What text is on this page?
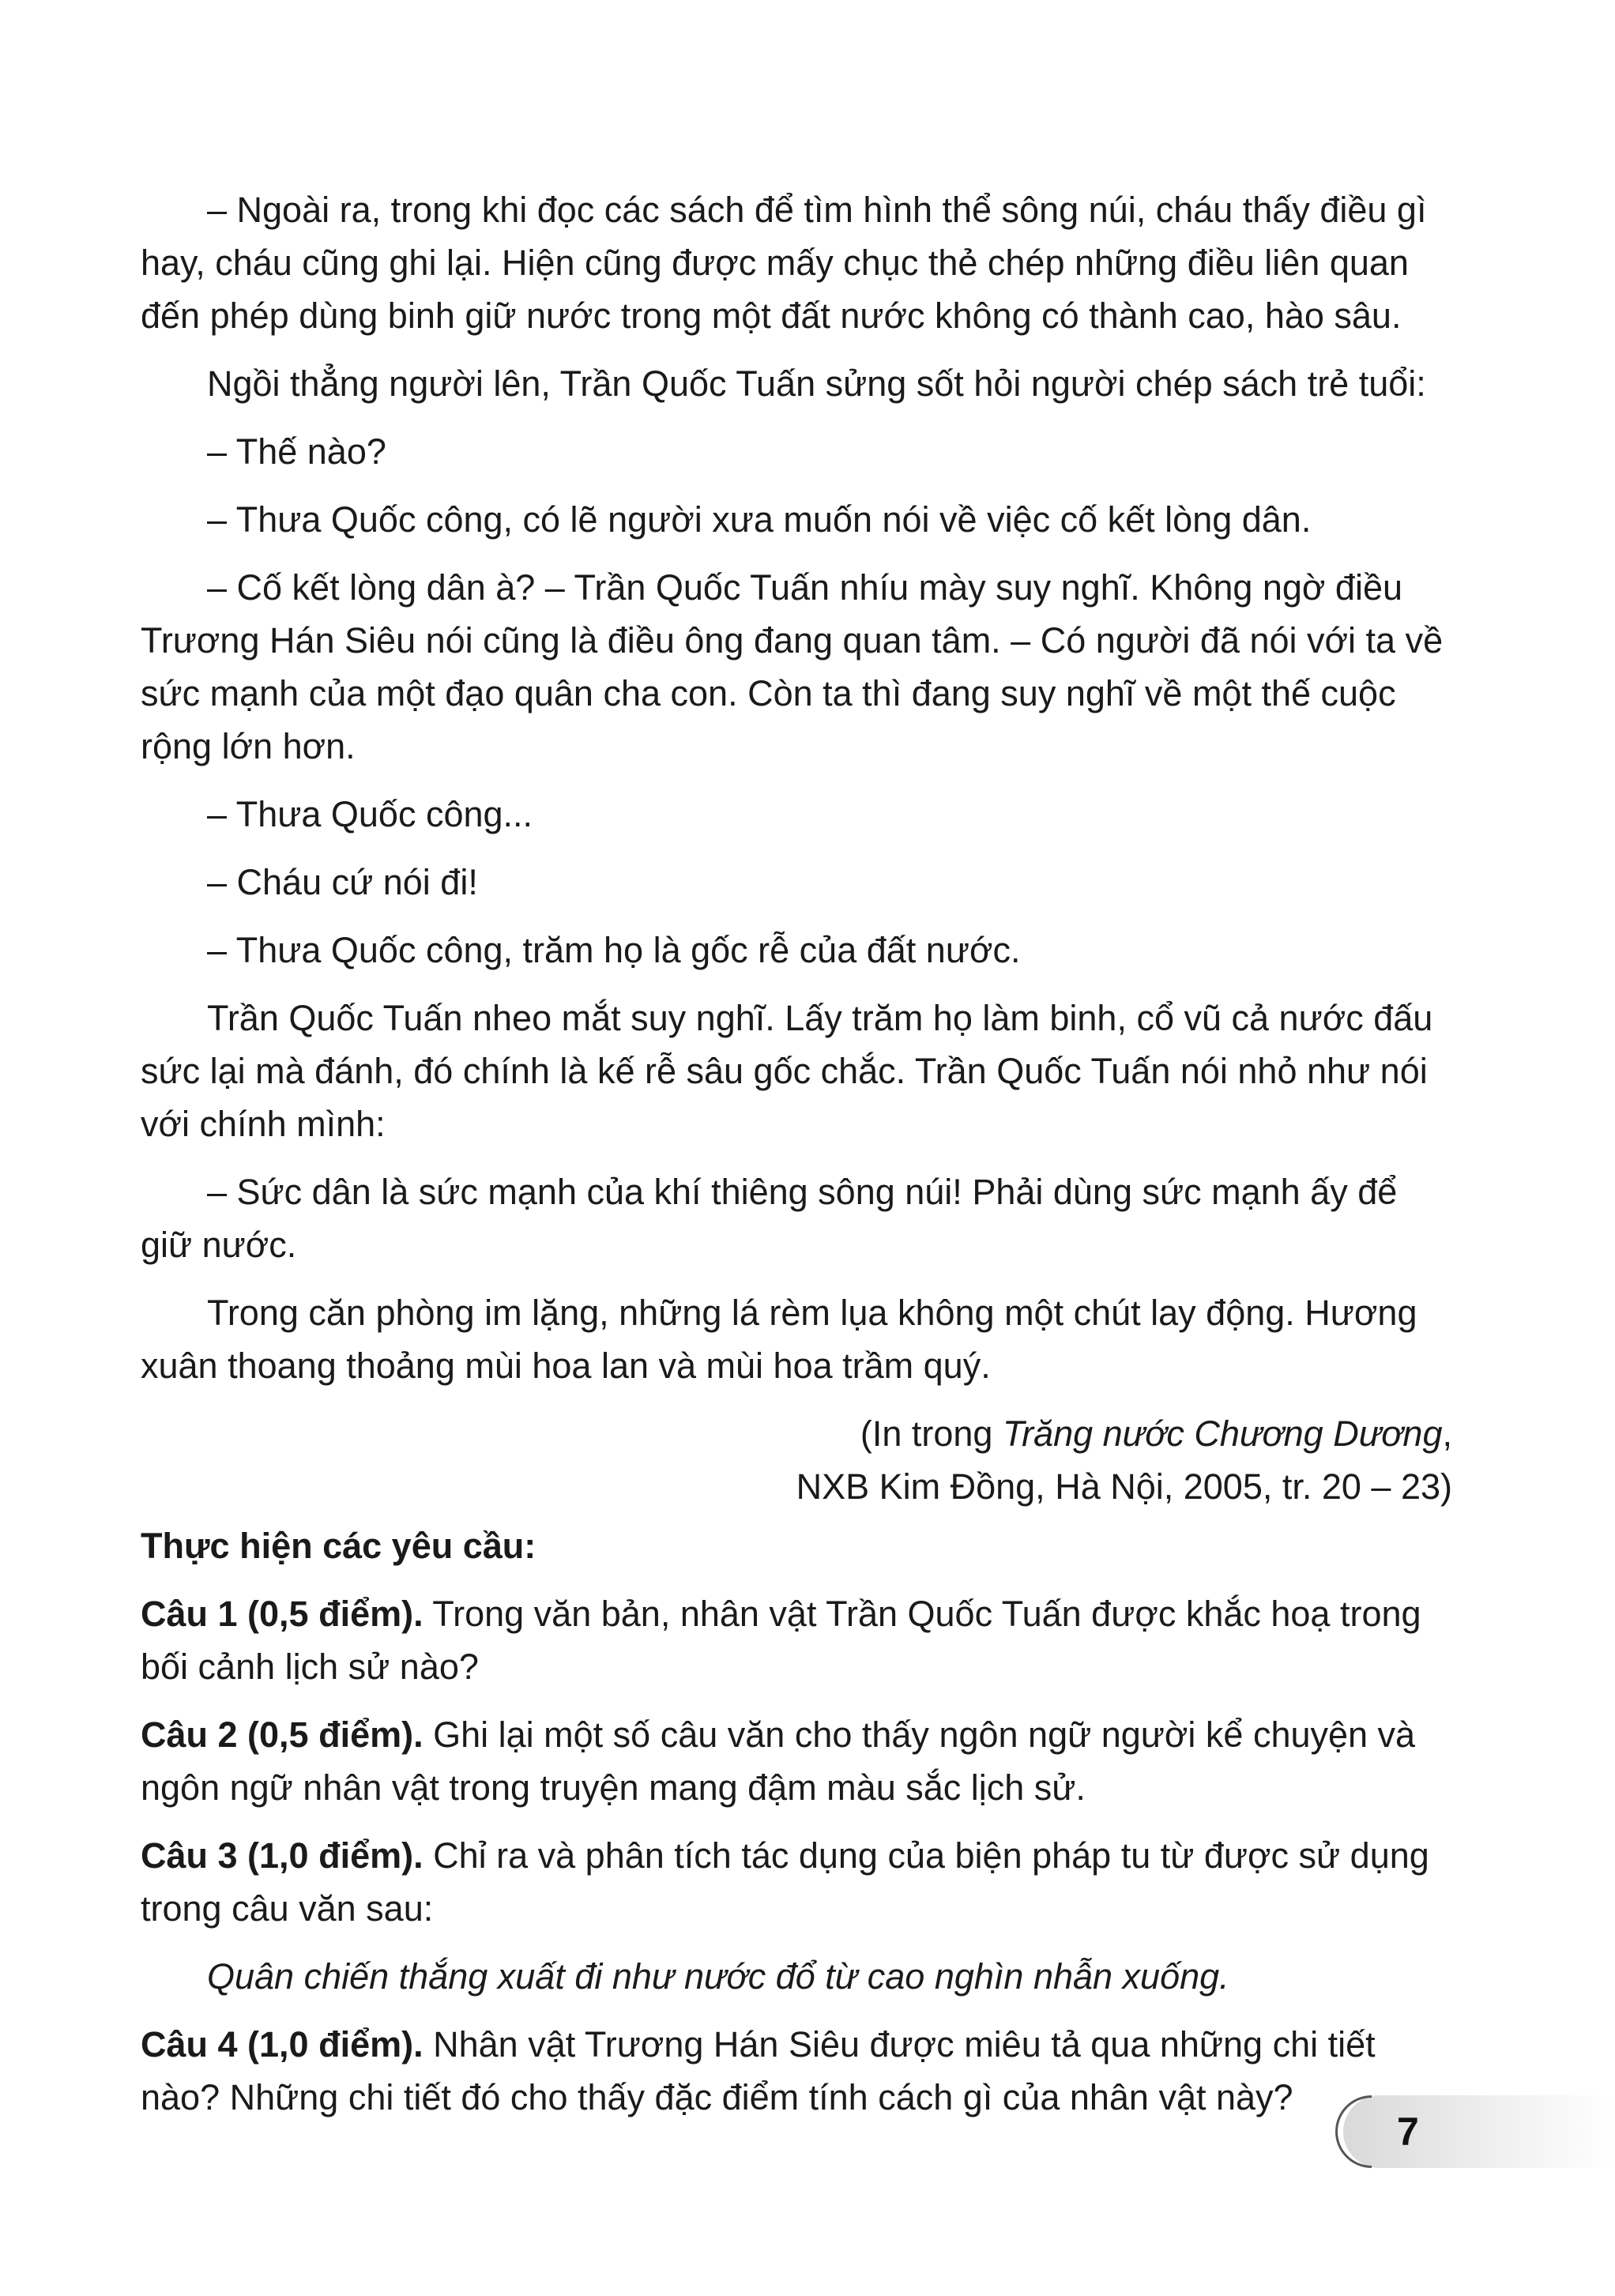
– Ngoài ra, trong khi đọc các sách để tìm hình thể sông núi, cháu thấy điều gì hay, cháu cũng ghi lại. Hiện cũng được mấy chục thẻ chép những điều liên quan đến phép dùng binh giữ nước trong một đất nước không có thành cao, hào sâu.

Ngồi thẳng người lên, Trần Quốc Tuấn sửng sốt hỏi người chép sách trẻ tuổi:

– Thế nào?

– Thưa Quốc công, có lẽ người xưa muốn nói về việc cố kết lòng dân.

– Cố kết lòng dân à? – Trần Quốc Tuấn nhíu mày suy nghĩ. Không ngờ điều Trương Hán Siêu nói cũng là điều ông đang quan tâm. – Có người đã nói với ta về sức mạnh của một đạo quân cha con. Còn ta thì đang suy nghĩ về một thế cuộc rộng lớn hơn.

– Thưa Quốc công...

– Cháu cứ nói đi!

– Thưa Quốc công, trăm họ là gốc rễ của đất nước.

Trần Quốc Tuấn nheo mắt suy nghĩ. Lấy trăm họ làm binh, cổ vũ cả nước đấu sức lại mà đánh, đó chính là kế rễ sâu gốc chắc. Trần Quốc Tuấn nói nhỏ như nói với chính mình:

– Sức dân là sức mạnh của khí thiêng sông núi! Phải dùng sức mạnh ấy để giữ nước.

Trong căn phòng im lặng, những lá rèm lụa không một chút lay động. Hương xuân thoang thoảng mùi hoa lan và mùi hoa trầm quý.

(In trong Trăng nước Chương Dương,
NXB Kim Đồng, Hà Nội, 2005, tr. 20 – 23)

Thực hiện các yêu cầu:

Câu 1 (0,5 điểm). Trong văn bản, nhân vật Trần Quốc Tuấn được khắc hoạ trong bối cảnh lịch sử nào?

Câu 2 (0,5 điểm). Ghi lại một số câu văn cho thấy ngôn ngữ người kể chuyện và ngôn ngữ nhân vật trong truyện mang đậm màu sắc lịch sử.

Câu 3 (1,0 điểm). Chỉ ra và phân tích tác dụng của biện pháp tu từ được sử dụng trong câu văn sau:

Quân chiến thắng xuất đi như nước đổ từ cao nghìn nhẫn xuống.

Câu 4 (1,0 điểm). Nhân vật Trương Hán Siêu được miêu tả qua những chi tiết nào? Những chi tiết đó cho thấy đặc điểm tính cách gì của nhân vật này?

7
